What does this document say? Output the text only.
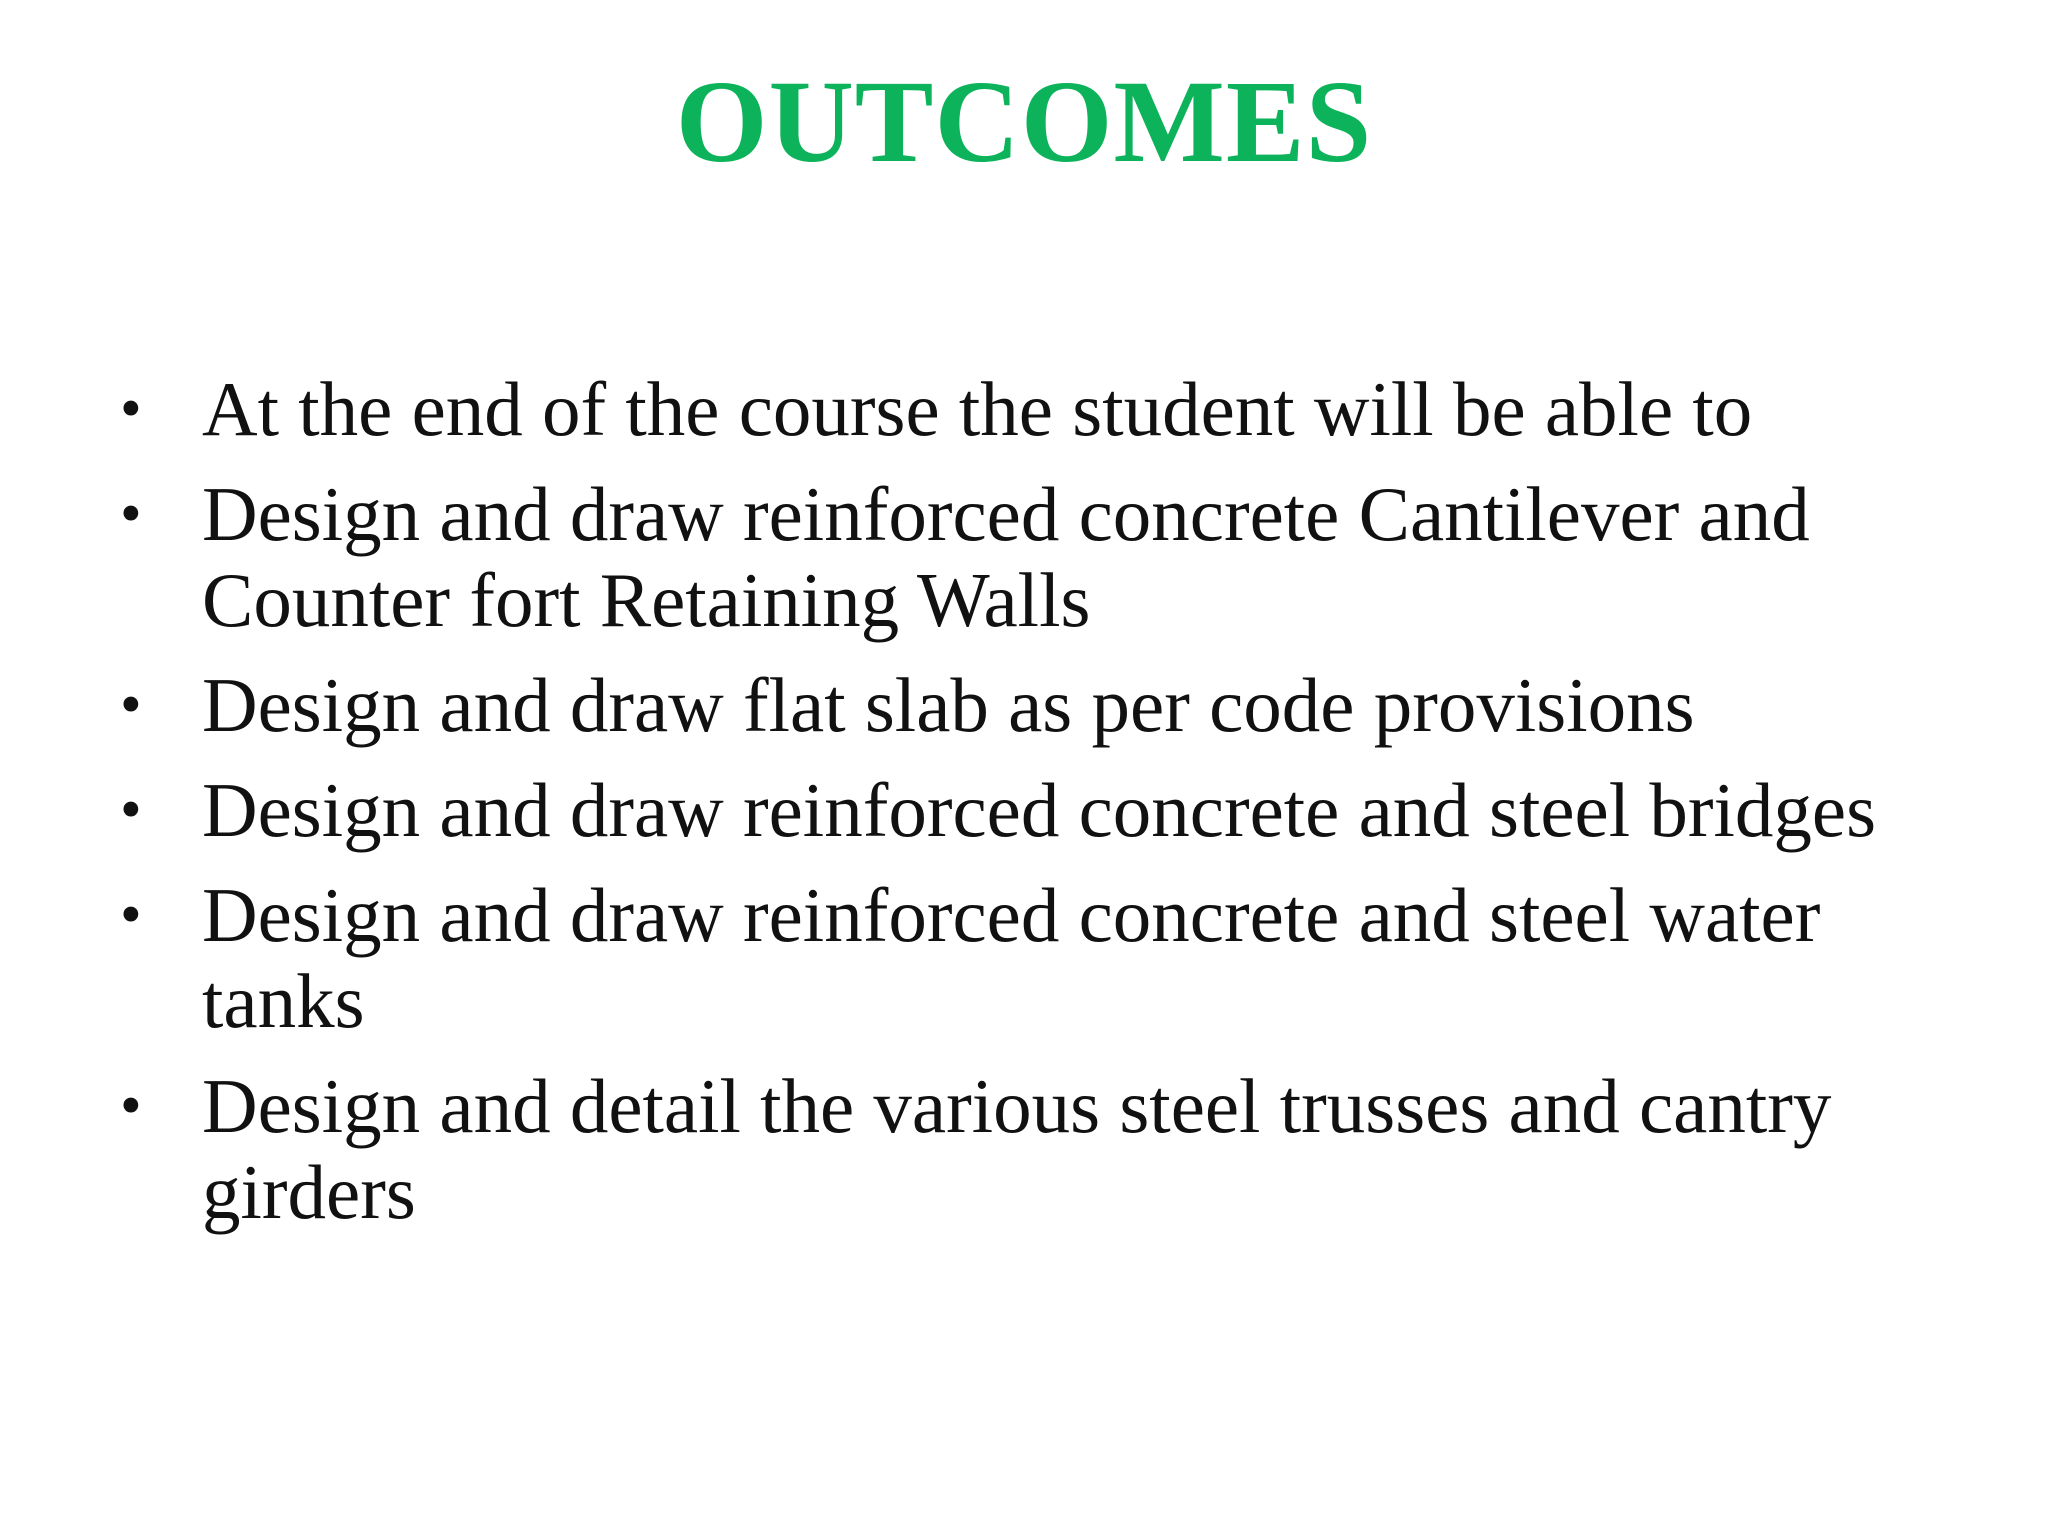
OUTCOMES
• At the end of the course the student will be able to
• Design and draw reinforced concrete Cantilever and Counter fort Retaining Walls
• Design and draw flat slab as per code provisions
• Design and draw reinforced concrete and steel bridges
• Design and draw reinforced concrete and steel water tanks
• Design and detail the various steel trusses and cantry girders
